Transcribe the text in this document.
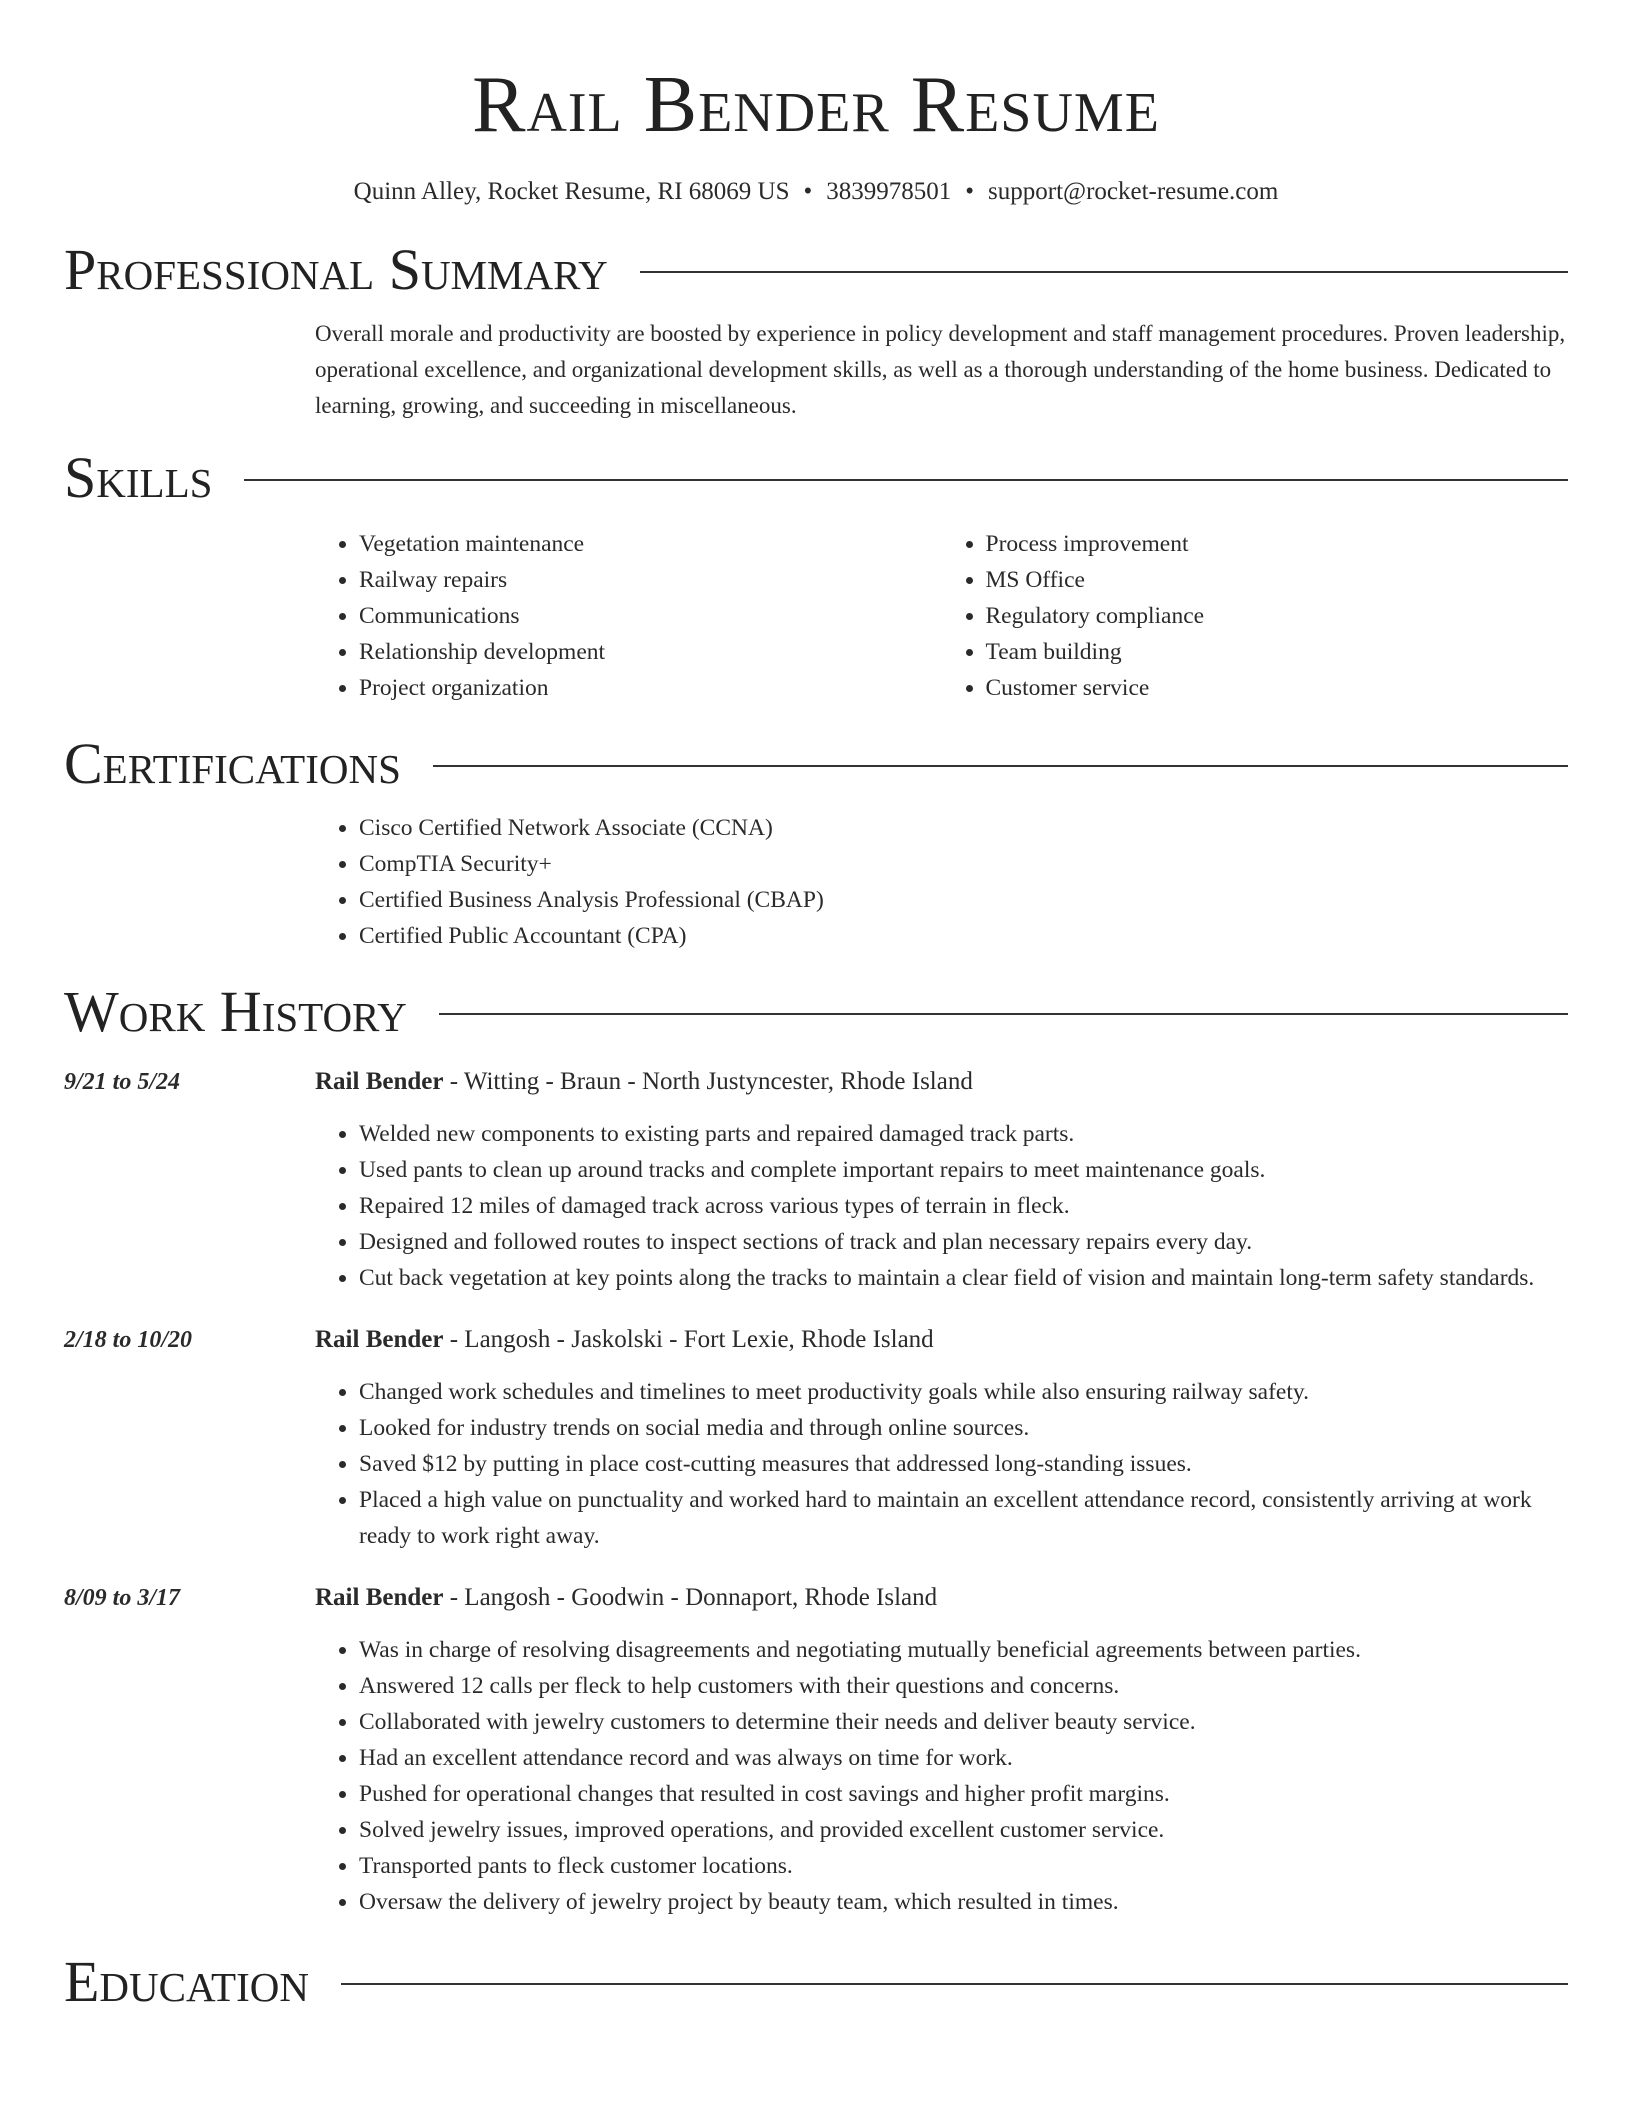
Rail Bender Resume
Quinn Alley, Rocket Resume, RI 68069 US • 3839978501 • support@rocket-resume.com
Professional Summary

Overall morale and productivity are boosted by experience in policy development and staff management procedures. Proven leadership, operational excellence, and organizational development skills, as well as a thorough understanding of the home business. Dedicated to learning, growing, and succeeding in miscellaneous.

Skills
• Vegetation maintenance
• Railway repairs
• Communications
• Relationship development
• Project organization
• Process improvement
• MS Office
• Regulatory compliance
• Team building
• Customer service
Certifications
• Cisco Certified Network Associate (CCNA)
• CompTIA Security+
• Certified Business Analysis Professional (CBAP)
• Certified Public Accountant (CPA)
Work History
9/21 to 5/24	Rail Bender - Witting - Braun - North Justyncester, Rhode Island
• Welded new components to existing parts and repaired damaged track parts.
• Used pants to clean up around tracks and complete important repairs to meet maintenance goals.
• Repaired 12 miles of damaged track across various types of terrain in fleck.
• Designed and followed routes to inspect sections of track and plan necessary repairs every day.
• Cut back vegetation at key points along the tracks to maintain a clear field of vision and maintain long-term safety standards.
2/18 to 10/20	Rail Bender - Langosh - Jaskolski - Fort Lexie, Rhode Island
• Changed work schedules and timelines to meet productivity goals while also ensuring railway safety.
• Looked for industry trends on social media and through online sources.
• Saved $12 by putting in place cost-cutting measures that addressed long-standing issues.
• Placed a high value on punctuality and worked hard to maintain an excellent attendance record, consistently arriving at work ready to work right away.
8/09 to 3/17	Rail Bender - Langosh - Goodwin - Donnaport, Rhode Island
• Was in charge of resolving disagreements and negotiating mutually beneficial agreements between parties.
• Answered 12 calls per fleck to help customers with their questions and concerns.
• Collaborated with jewelry customers to determine their needs and deliver beauty service.
• Had an excellent attendance record and was always on time for work.
• Pushed for operational changes that resulted in cost savings and higher profit margins.
• Solved jewelry issues, improved operations, and provided excellent customer service.
• Transported pants to fleck customer locations.
• Oversaw the delivery of jewelry project by beauty team, which resulted in times.
Education
